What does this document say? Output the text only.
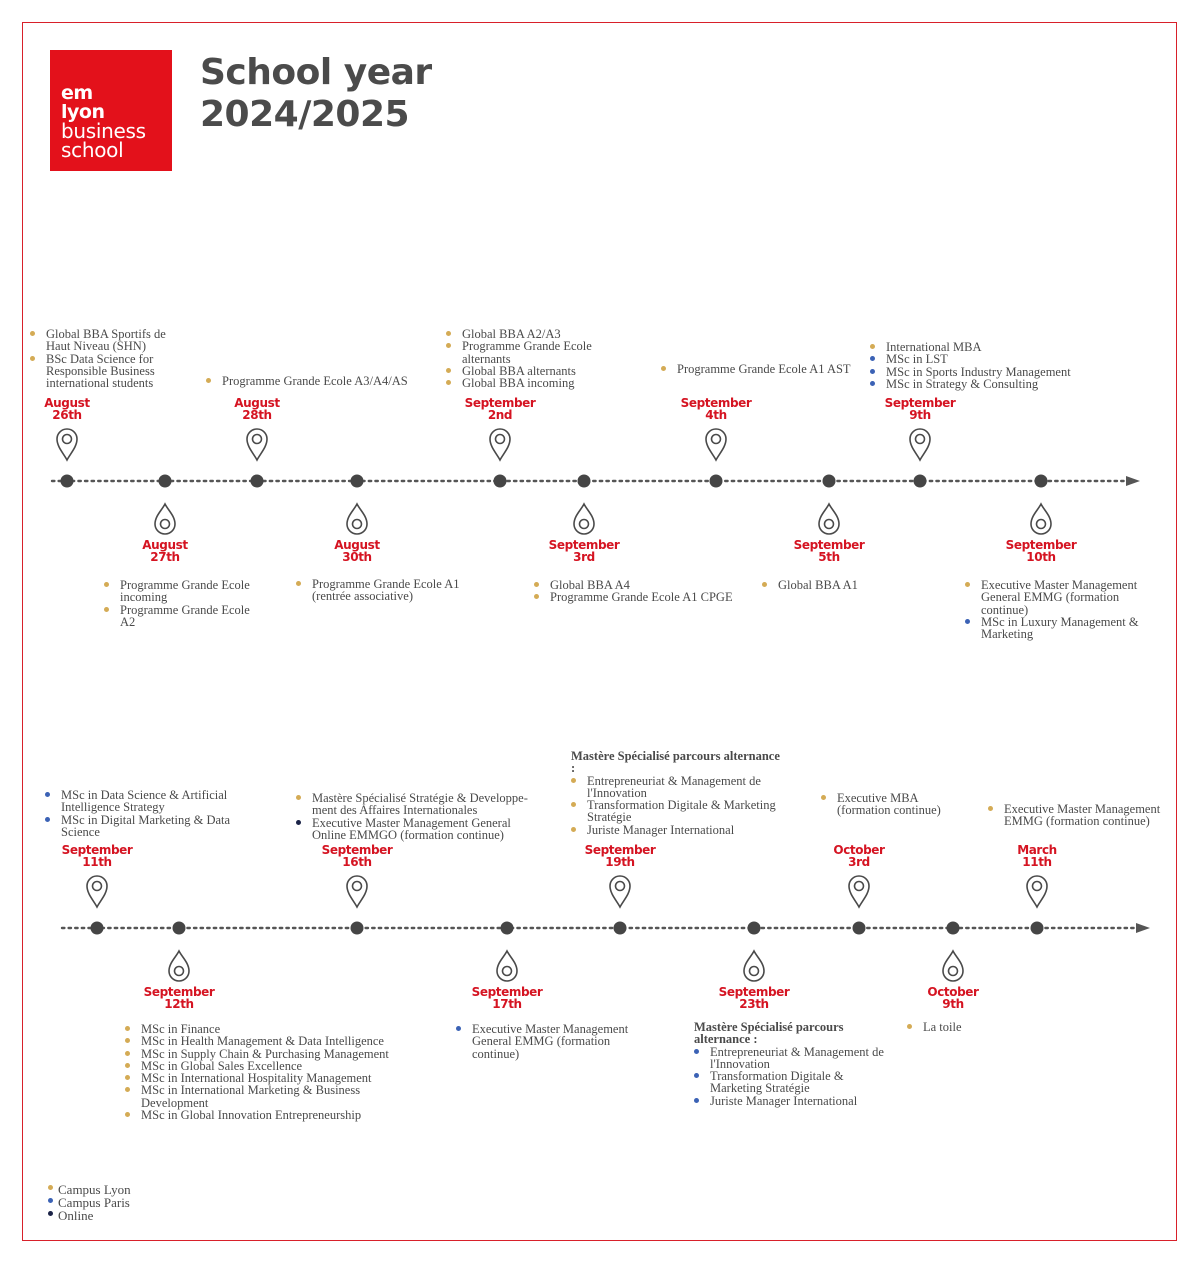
em
lyon
business
school
School year
2024/2025
August
26th
Global BBA Sportifs de Haut Niveau (SHN)
BSc Data Science for Responsible Business international students
August
27th
Programme Grande Ecole incoming
Programme Grande Ecole A2
August
28th
Programme Grande Ecole A3/A4/AS
August
30th
Programme Grande Ecole A1 (rentrée associative)
September
2nd
Global BBA A2/A3
Programme Grande Ecole alternants
Global BBA alternants
Global BBA incoming
September
3rd
Global BBA A4
Programme Grande Ecole A1 CPGE
September
4th
Programme Grande Ecole A1 AST
September
5th
Global BBA A1
September
9th
International MBA
MSc in LST
MSc in Sports Industry Management
MSc in Strategy & Consulting
September
10th
Executive Master Management General EMMG (formation continue)
MSc in Luxury Management & Marketing
September
11th
MSc in Data Science & Artificial Intelligence Strategy
MSc in Digital Marketing & Data Science
September
12th
MSc in Finance
MSc in Health Management & Data Intelligence
MSc in Supply Chain & Purchasing Management
MSc in Global Sales Excellence
MSc in International Hospitality Management
MSc in International Marketing & Business Development
MSc in Global Innovation Entrepreneurship
September
16th
Mastère Spécialisé Stratégie & Developpe-ment des Affaires Internationales
Executive Master Management General Online EMMGO (formation continue)
September
17th
Executive Master Management General EMMG (formation continue)
September
19th
Mastère Spécialisé parcours alternance :
Entrepreneuriat & Management de l'Innovation
Transformation Digitale & Marketing Stratégie
Juriste Manager International
September
23th
Mastère Spécialisé parcours alternance :
Entrepreneuriat & Management de l'Innovation
Transformation Digitale & Marketing Stratégie
Juriste Manager International
October
3rd
Executive MBA (formation continue)
October
9th
La toile
March
11th
Executive Master Management EMMG (formation continue)
Campus Lyon
Campus Paris
Online
